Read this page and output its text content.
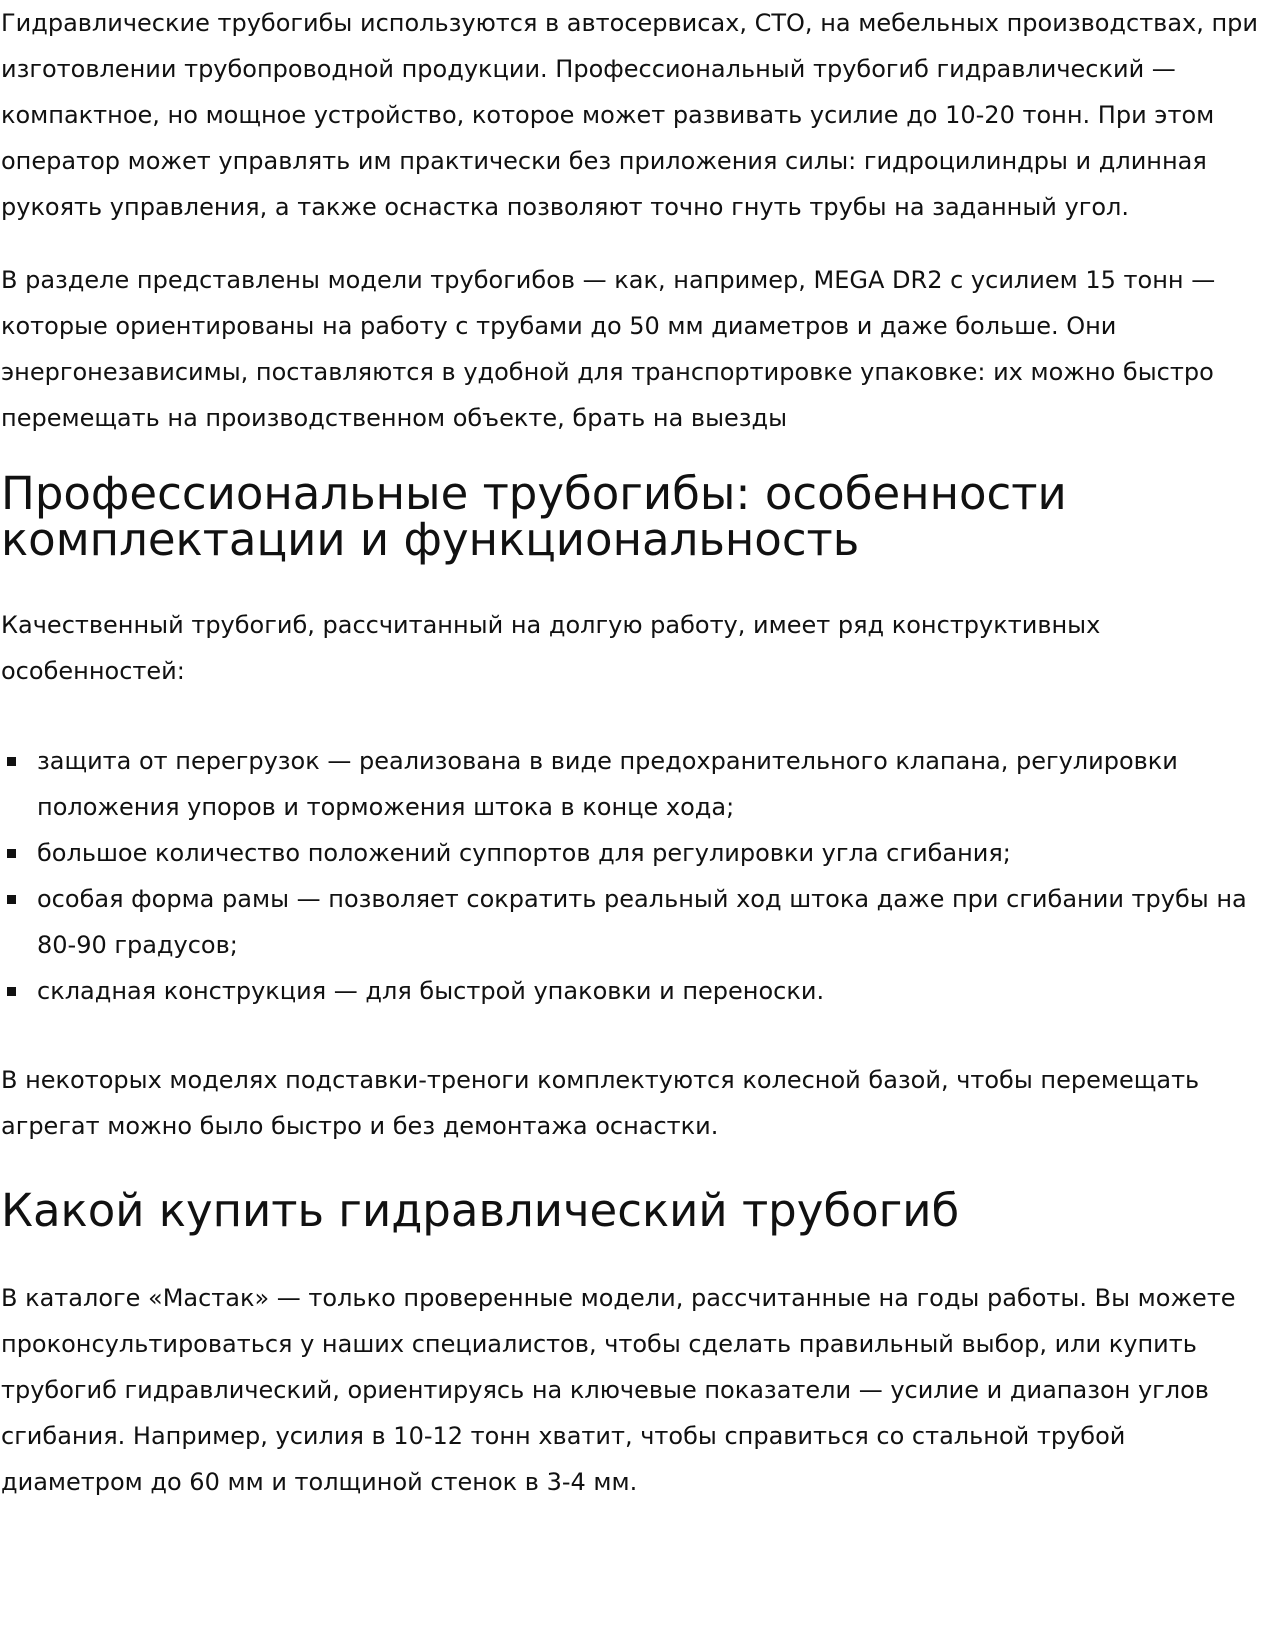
Гидравлические трубогибы используются в автосервисах, СТО, на мебельных производствах, при изготовлении трубопроводной продукции. Профессиональный трубогиб гидравлический — компактное, но мощное устройство, которое может развивать усилие до 10-20 тонн. При этом оператор может управлять им практически без приложения силы: гидроцилиндры и длинная рукоять управления, а также оснастка позволяют точно гнуть трубы на заданный угол.

В разделе представлены модели трубогибов — как, например, MEGA DR2 с усилием 15 тонн — которые ориентированы на работу с трубами до 50 мм диаметров и даже больше. Они энергонезависимы, поставляются в удобной для транспортировке упаковке: их можно быстро перемещать на производственном объекте, брать на выезды

Профессиональные трубогибы: особенности комплектации и функциональность

Качественный трубогиб, рассчитанный на долгую работу, имеет ряд конструктивных особенностей:

защита от перегрузок — реализована в виде предохранительного клапана, регулировки положения упоров и торможения штока в конце хода;
большое количество положений суппортов для регулировки угла сгибания;
особая форма рамы — позволяет сократить реальный ход штока даже при сгибании трубы на 80-90 градусов;
складная конструкция — для быстрой упаковки и переноски.

В некоторых моделях подставки-треноги комплектуются колесной базой, чтобы перемещать агрегат можно было быстро и без демонтажа оснастки.

Какой купить гидравлический трубогиб

В каталоге «Мастак» — только проверенные модели, рассчитанные на годы работы. Вы можете проконсультироваться у наших специалистов, чтобы сделать правильный выбор, или купить трубогиб гидравлический, ориентируясь на ключевые показатели — усилие и диапазон углов сгибания. Например, усилия в 10-12 тонн хватит, чтобы справиться со стальной трубой диаметром до 60 мм и толщиной стенок в 3-4 мм.
